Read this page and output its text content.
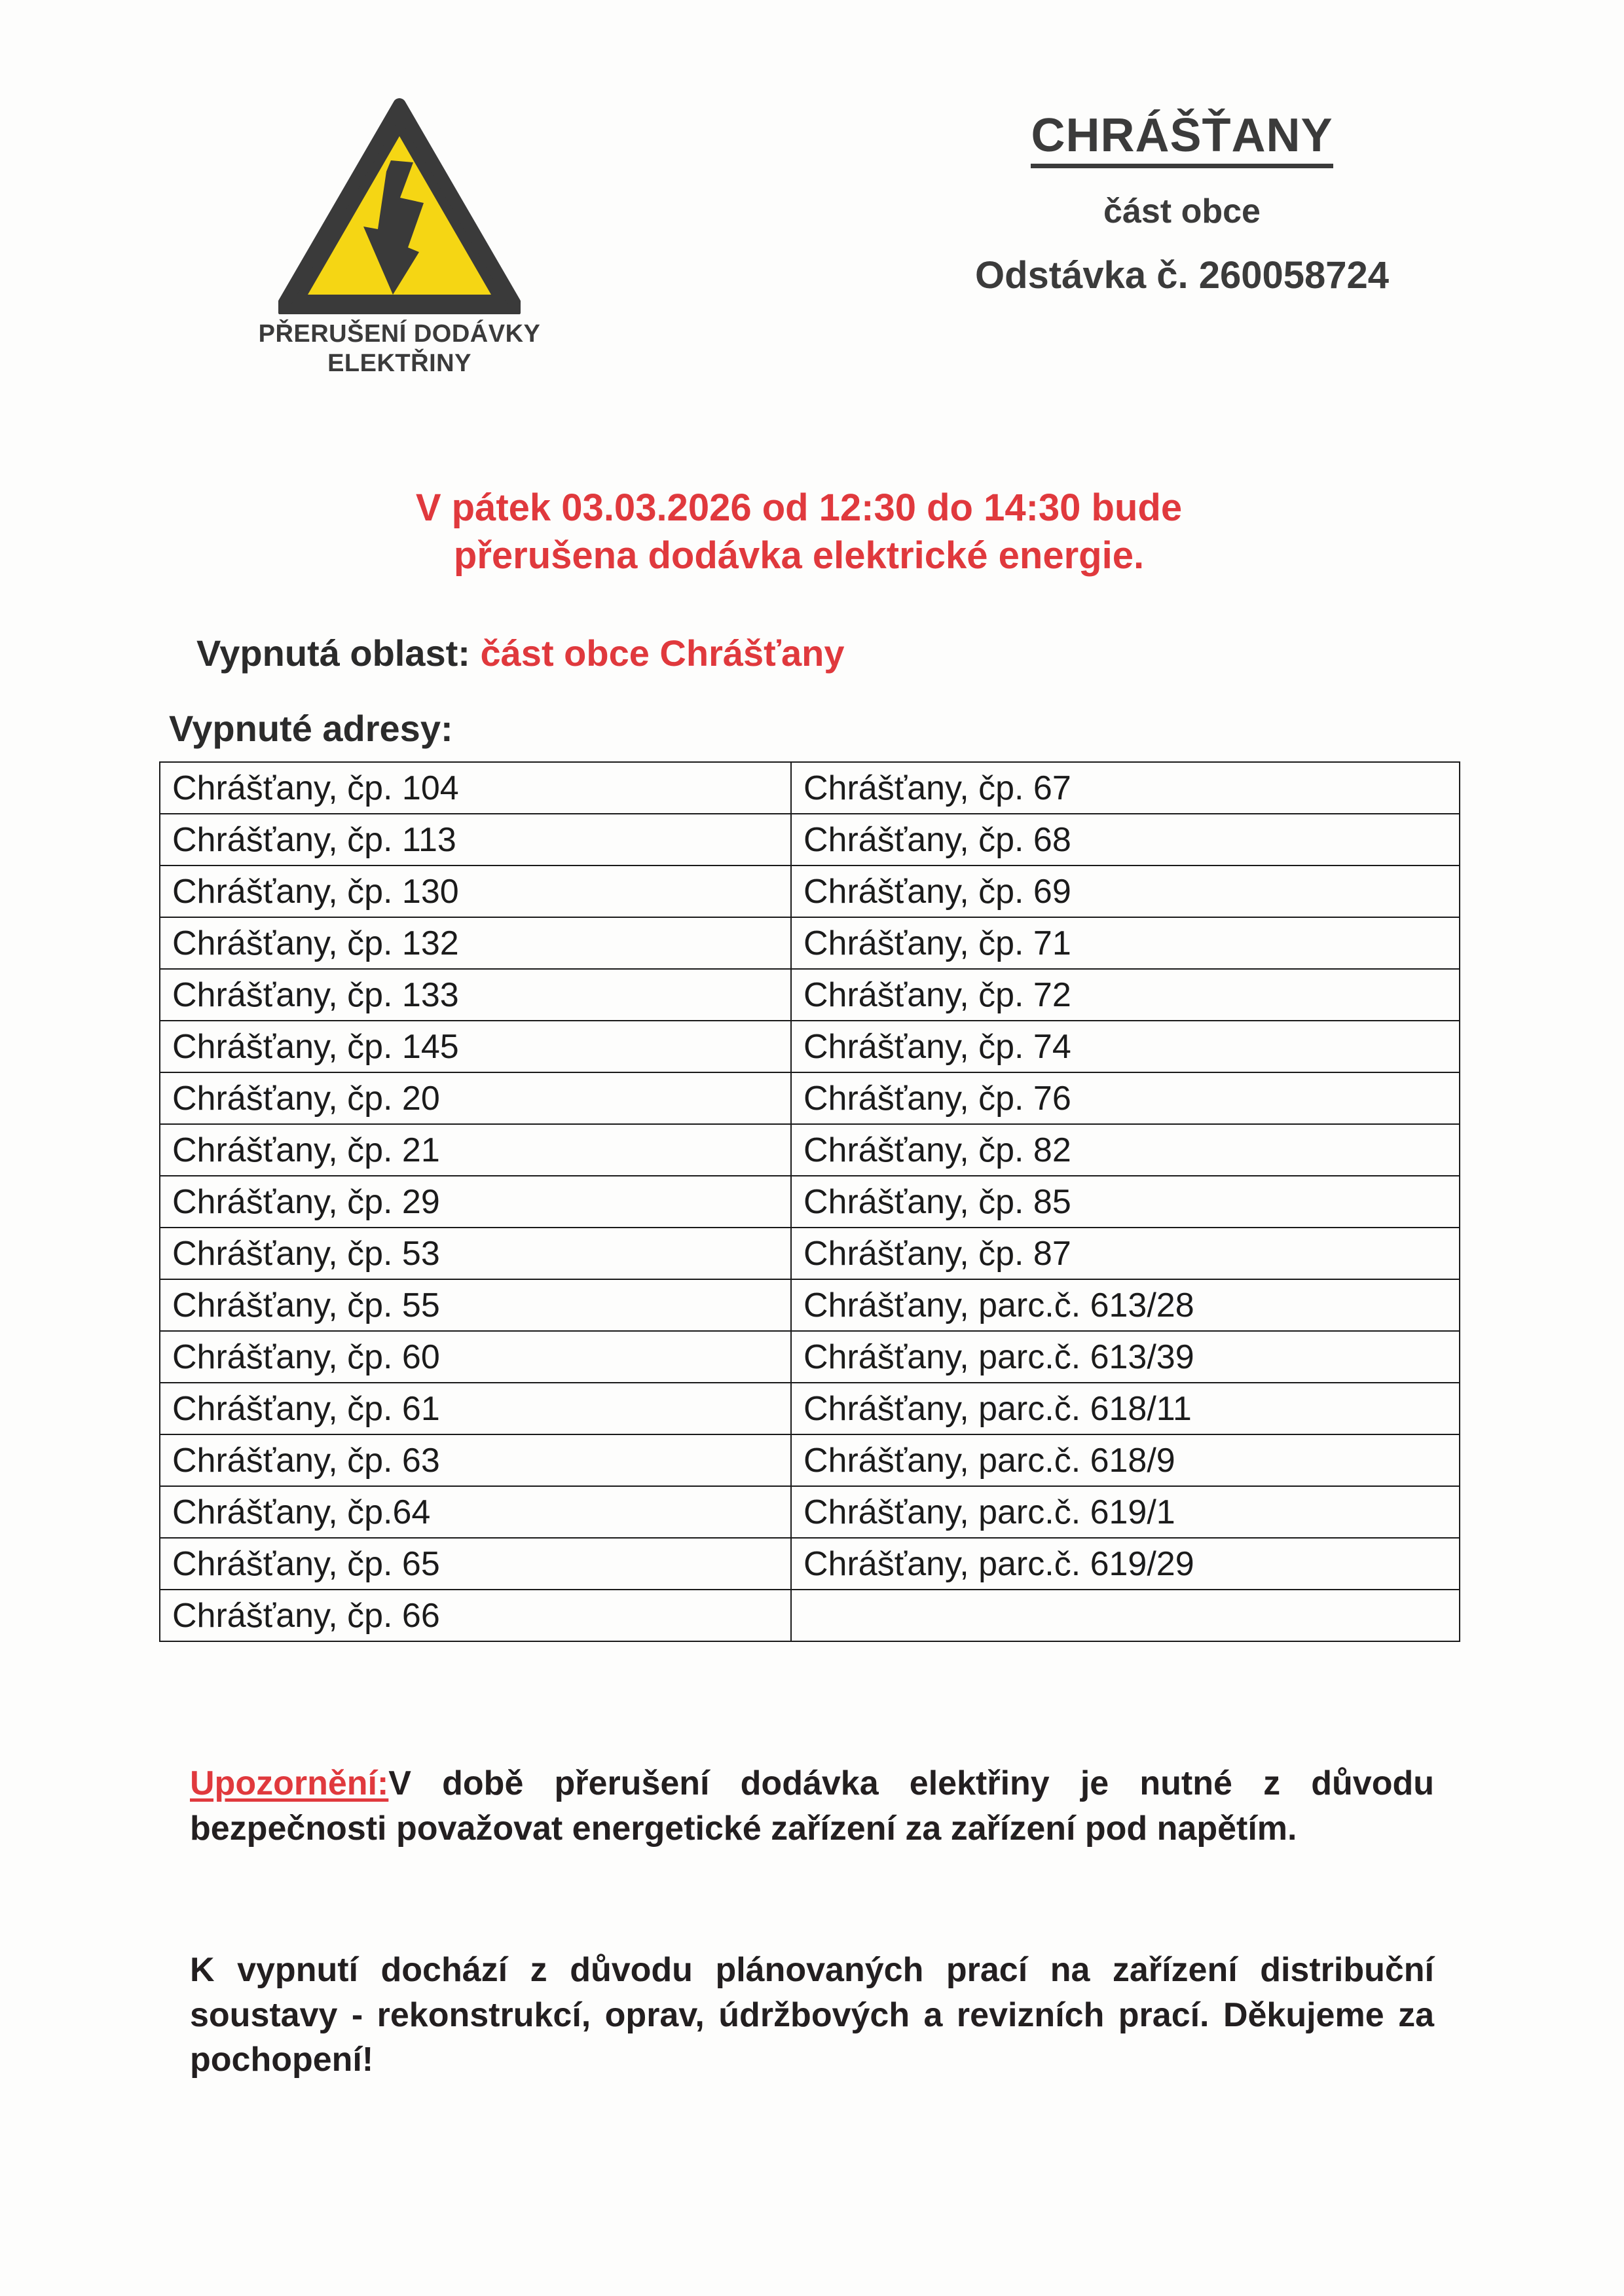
PŘERUŠENÍ DODÁVKY
ELEKTŘINY
CHRÁŠŤANY
část obce
Odstávka č. 260058724
V pátek 03.03.2026 od 12:30 do 14:30 bude
přerušena dodávka elektrické energie.
Vypnutá oblast: část obce Chrášťany
Vypnuté adresy:
Chrášťany, čp. 104	Chrášťany, čp. 67
Chrášťany, čp. 113	Chrášťany, čp. 68
Chrášťany, čp. 130	Chrášťany, čp. 69
Chrášťany, čp. 132	Chrášťany, čp. 71
Chrášťany, čp. 133	Chrášťany, čp. 72
Chrášťany, čp. 145	Chrášťany, čp. 74
Chrášťany, čp. 20	Chrášťany, čp. 76
Chrášťany, čp. 21	Chrášťany, čp. 82
Chrášťany, čp. 29	Chrášťany, čp. 85
Chrášťany, čp. 53	Chrášťany, čp. 87
Chrášťany, čp. 55	Chrášťany, parc.č. 613/28
Chrášťany, čp. 60	Chrášťany, parc.č. 613/39
Chrášťany, čp. 61	Chrášťany, parc.č. 618/11
Chrášťany, čp. 63	Chrášťany, parc.č. 618/9
Chrášťany, čp.64	Chrášťany, parc.č. 619/1
Chrášťany, čp. 65	Chrášťany, parc.č. 619/29
Chrášťany, čp. 66	
Upozornění:V době přerušení dodávka elektřiny je nutné z důvodu bezpečnosti považovat energetické zařízení za zařízení pod napětím.
K vypnutí dochází z důvodu plánovaných prací na zařízení distribuční soustavy - rekonstrukcí, oprav, údržbových a revizních prací. Děkujeme za pochopení!
